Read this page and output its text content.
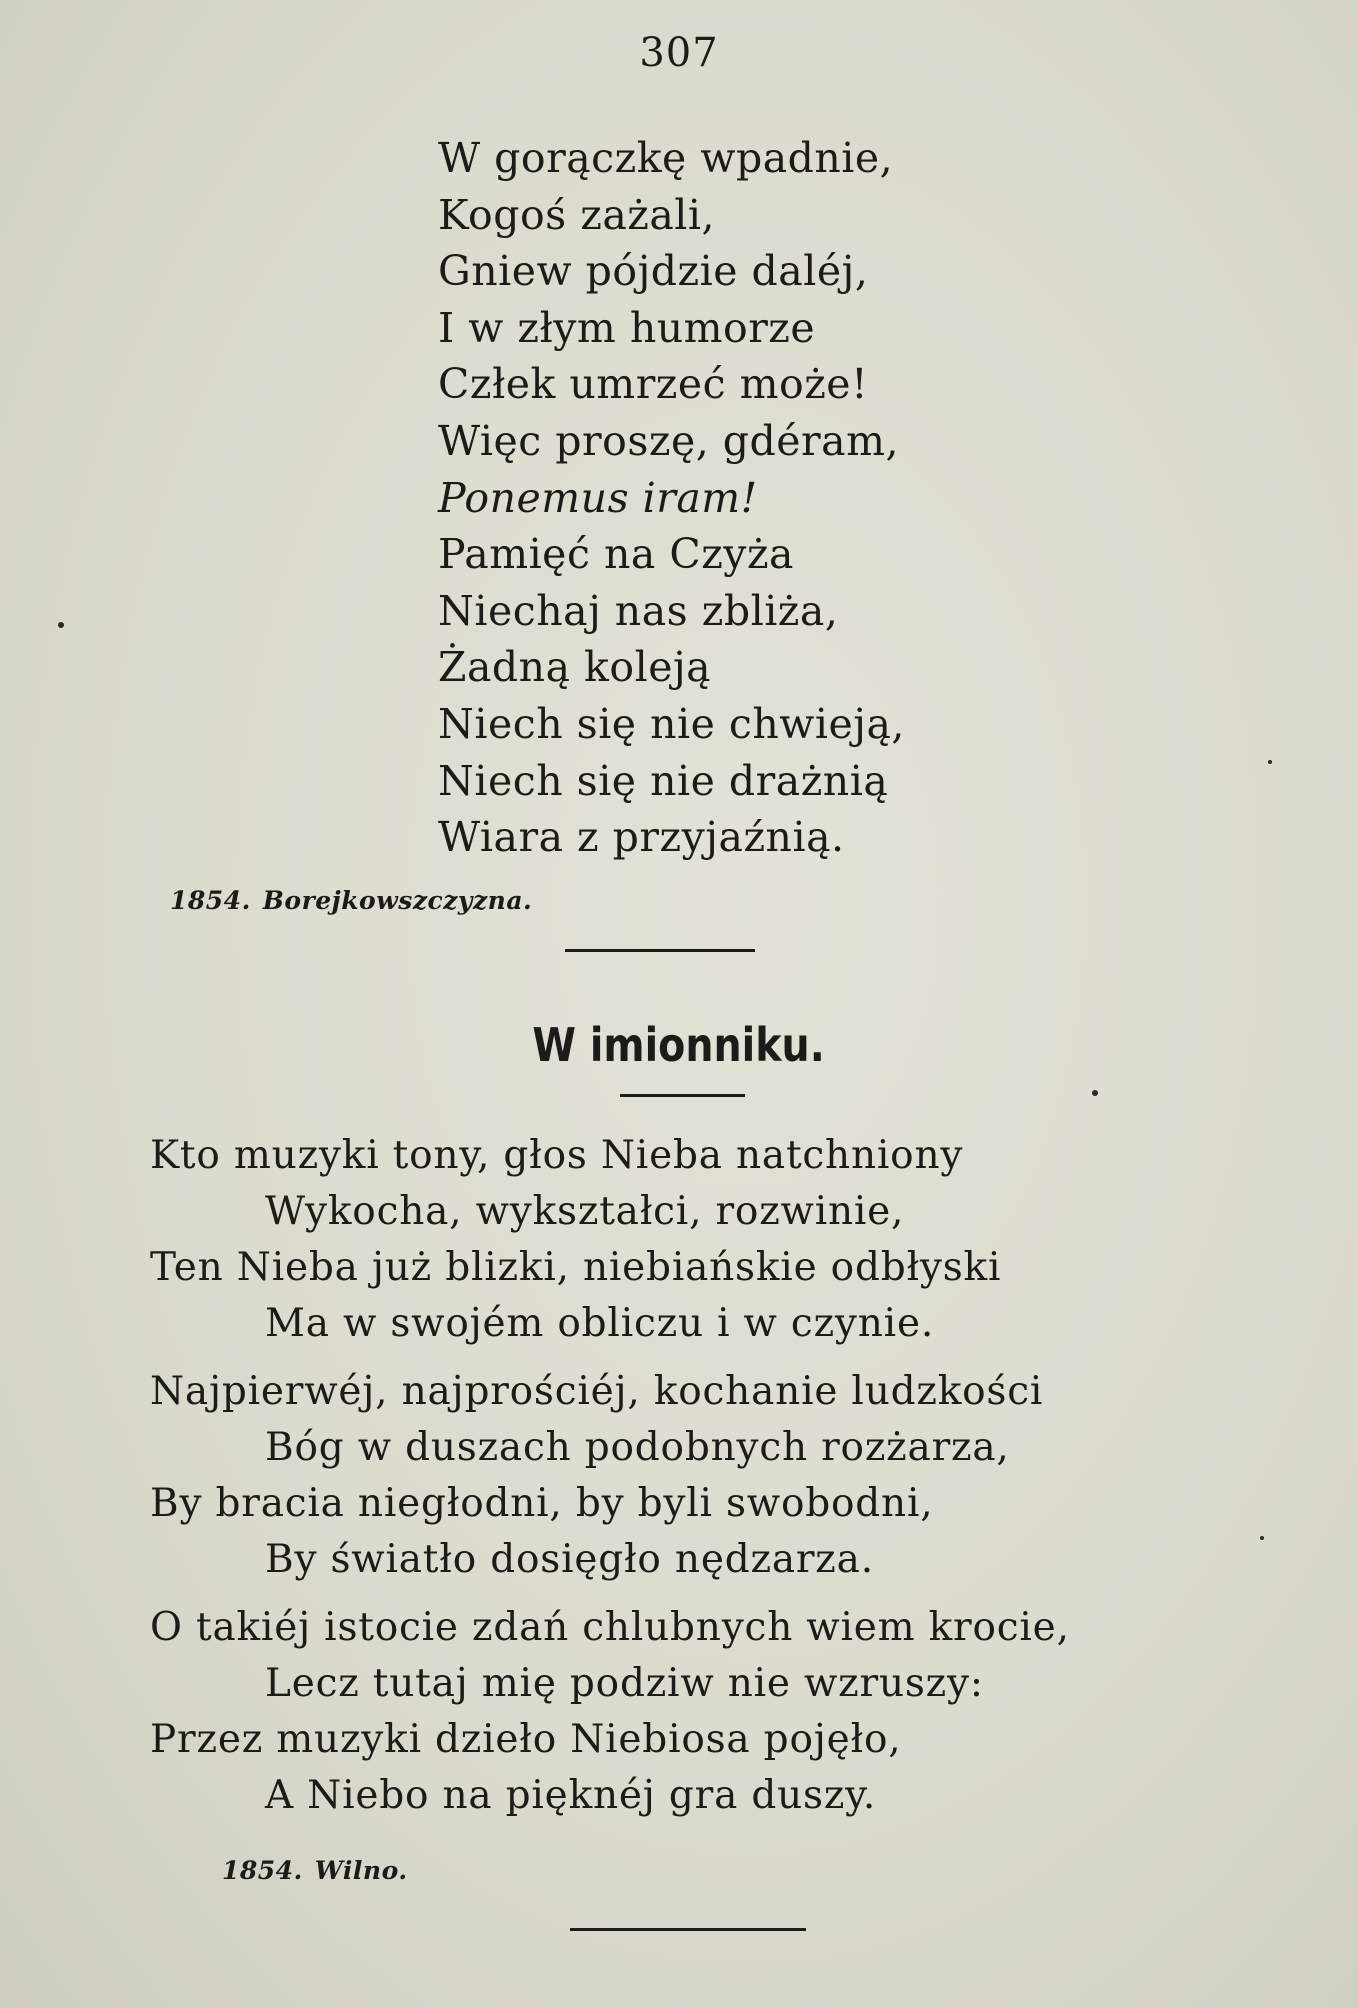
307
W gorączkę wpadnie,
Kogoś zażali,
Gniew pójdzie daléj,
I w złym humorze
Człek umrzeć może!
Więc proszę, gdéram,
Ponemus iram!
Pamięć na Czyża
Niechaj nas zbliża,
Żadną koleją
Niech się nie chwieją,
Niech się nie drażnią
Wiara z przyjaźnią.
1854. Borejkowszczyzna.
W imionniku.
Kto muzyki tony, głos Nieba natchniony
Wykocha, wykształci, rozwinie,
Ten Nieba już blizki, niebiańskie odbłyski
Ma w swojém obliczu i w czynie.
Najpierwéj, najprościéj, kochanie ludzkości
Bóg w duszach podobnych rozżarza,
By bracia niegłodni, by byli swobodni,
By światło dosięgło nędzarza.
O takiéj istocie zdań chlubnych wiem krocie,
Lecz tutaj mię podziw nie wzruszy:
Przez muzyki dzieło Niebiosa pojęło,
A Niebo na pięknéj gra duszy.
1854. Wilno.
